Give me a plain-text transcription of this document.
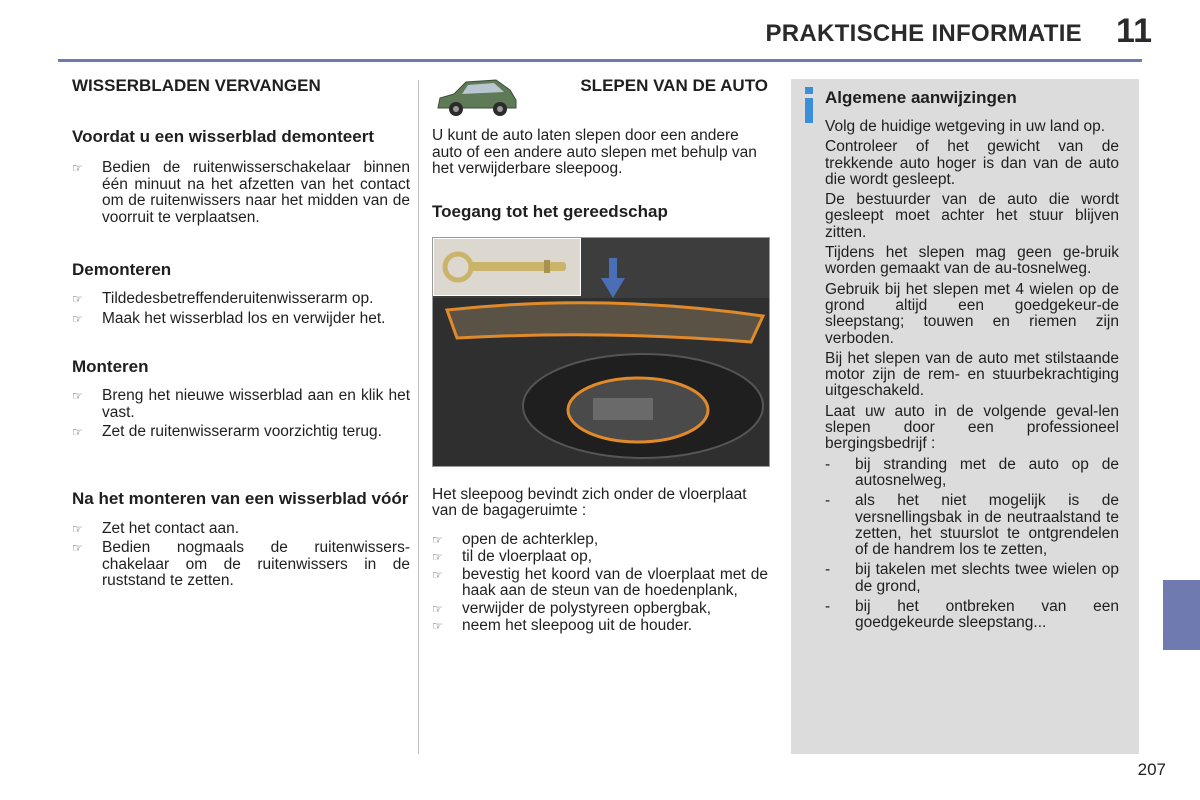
PRAKTISCHE INFORMATIE 11
WISSERBLADEN VERVANGEN
Voordat u een wisserblad demonteert
☞	Bedien de ruitenwisserschakelaar binnen één minuut na het afzetten van het contact om de ruitenwissers naar het midden van de voorruit te verplaatsen.
Demonteren
☞	Tildedesbetreffenderuitenwisserarm op.
☞	Maak het wisserblad los en verwijder het.
Monteren
☞	Breng het nieuwe wisserblad aan en klik het vast.
☞	Zet de ruitenwisserarm voorzichtig terug.
Na het monteren van een wisserblad vóór
☞	Zet het contact aan.
☞	Bedien nogmaals de ruitenwissers-chakelaar om de ruitenwissers in de ruststand te zetten.
SLEPEN VAN DE AUTO

U kunt de auto laten slepen door een andere auto of een andere auto slepen met behulp van het verwijderbare sleepoog.

Toegang tot het gereedschap

Het sleepoog bevindt zich onder de vloerplaat van de bagageruimte :

☞	open de achterklep,
☞	til de vloerplaat op,
☞	bevestig het koord van de vloerplaat met de haak aan de steun van de hoedenplank,
☞	verwijder de polystyreen opbergbak,
☞	neem het sleepoog uit de houder.
Algemene aanwijzingen

Volg de huidige wetgeving in uw land op.

Controleer of het gewicht van de trekkende auto hoger is dan van de auto die wordt gesleept.

De bestuurder van de auto die wordt gesleept moet achter het stuur blijven zitten.

Tijdens het slepen mag geen ge-bruik worden gemaakt van de au-tosnelweg.

Gebruik bij het slepen met 4 wielen op de grond altijd een goedgekeur-de sleepstang; touwen en riemen zijn verboden.

Bij het slepen van de auto met stilstaande motor zijn de rem- en stuurbekrachtiging uitgeschakeld.

Laat uw auto in de volgende geval-len slepen door een professioneel bergingsbedrijf :

-	bij stranding met de auto op de autosnelweg,
-	als het niet mogelijk is de versnellingsbak in de neutraalstand te zetten, het stuurslot te ontgrendelen of de handrem los te zetten,
-	bij takelen met slechts twee wielen op de grond,
-	bij het ontbreken van een goedgekeurde sleepstang...
207
